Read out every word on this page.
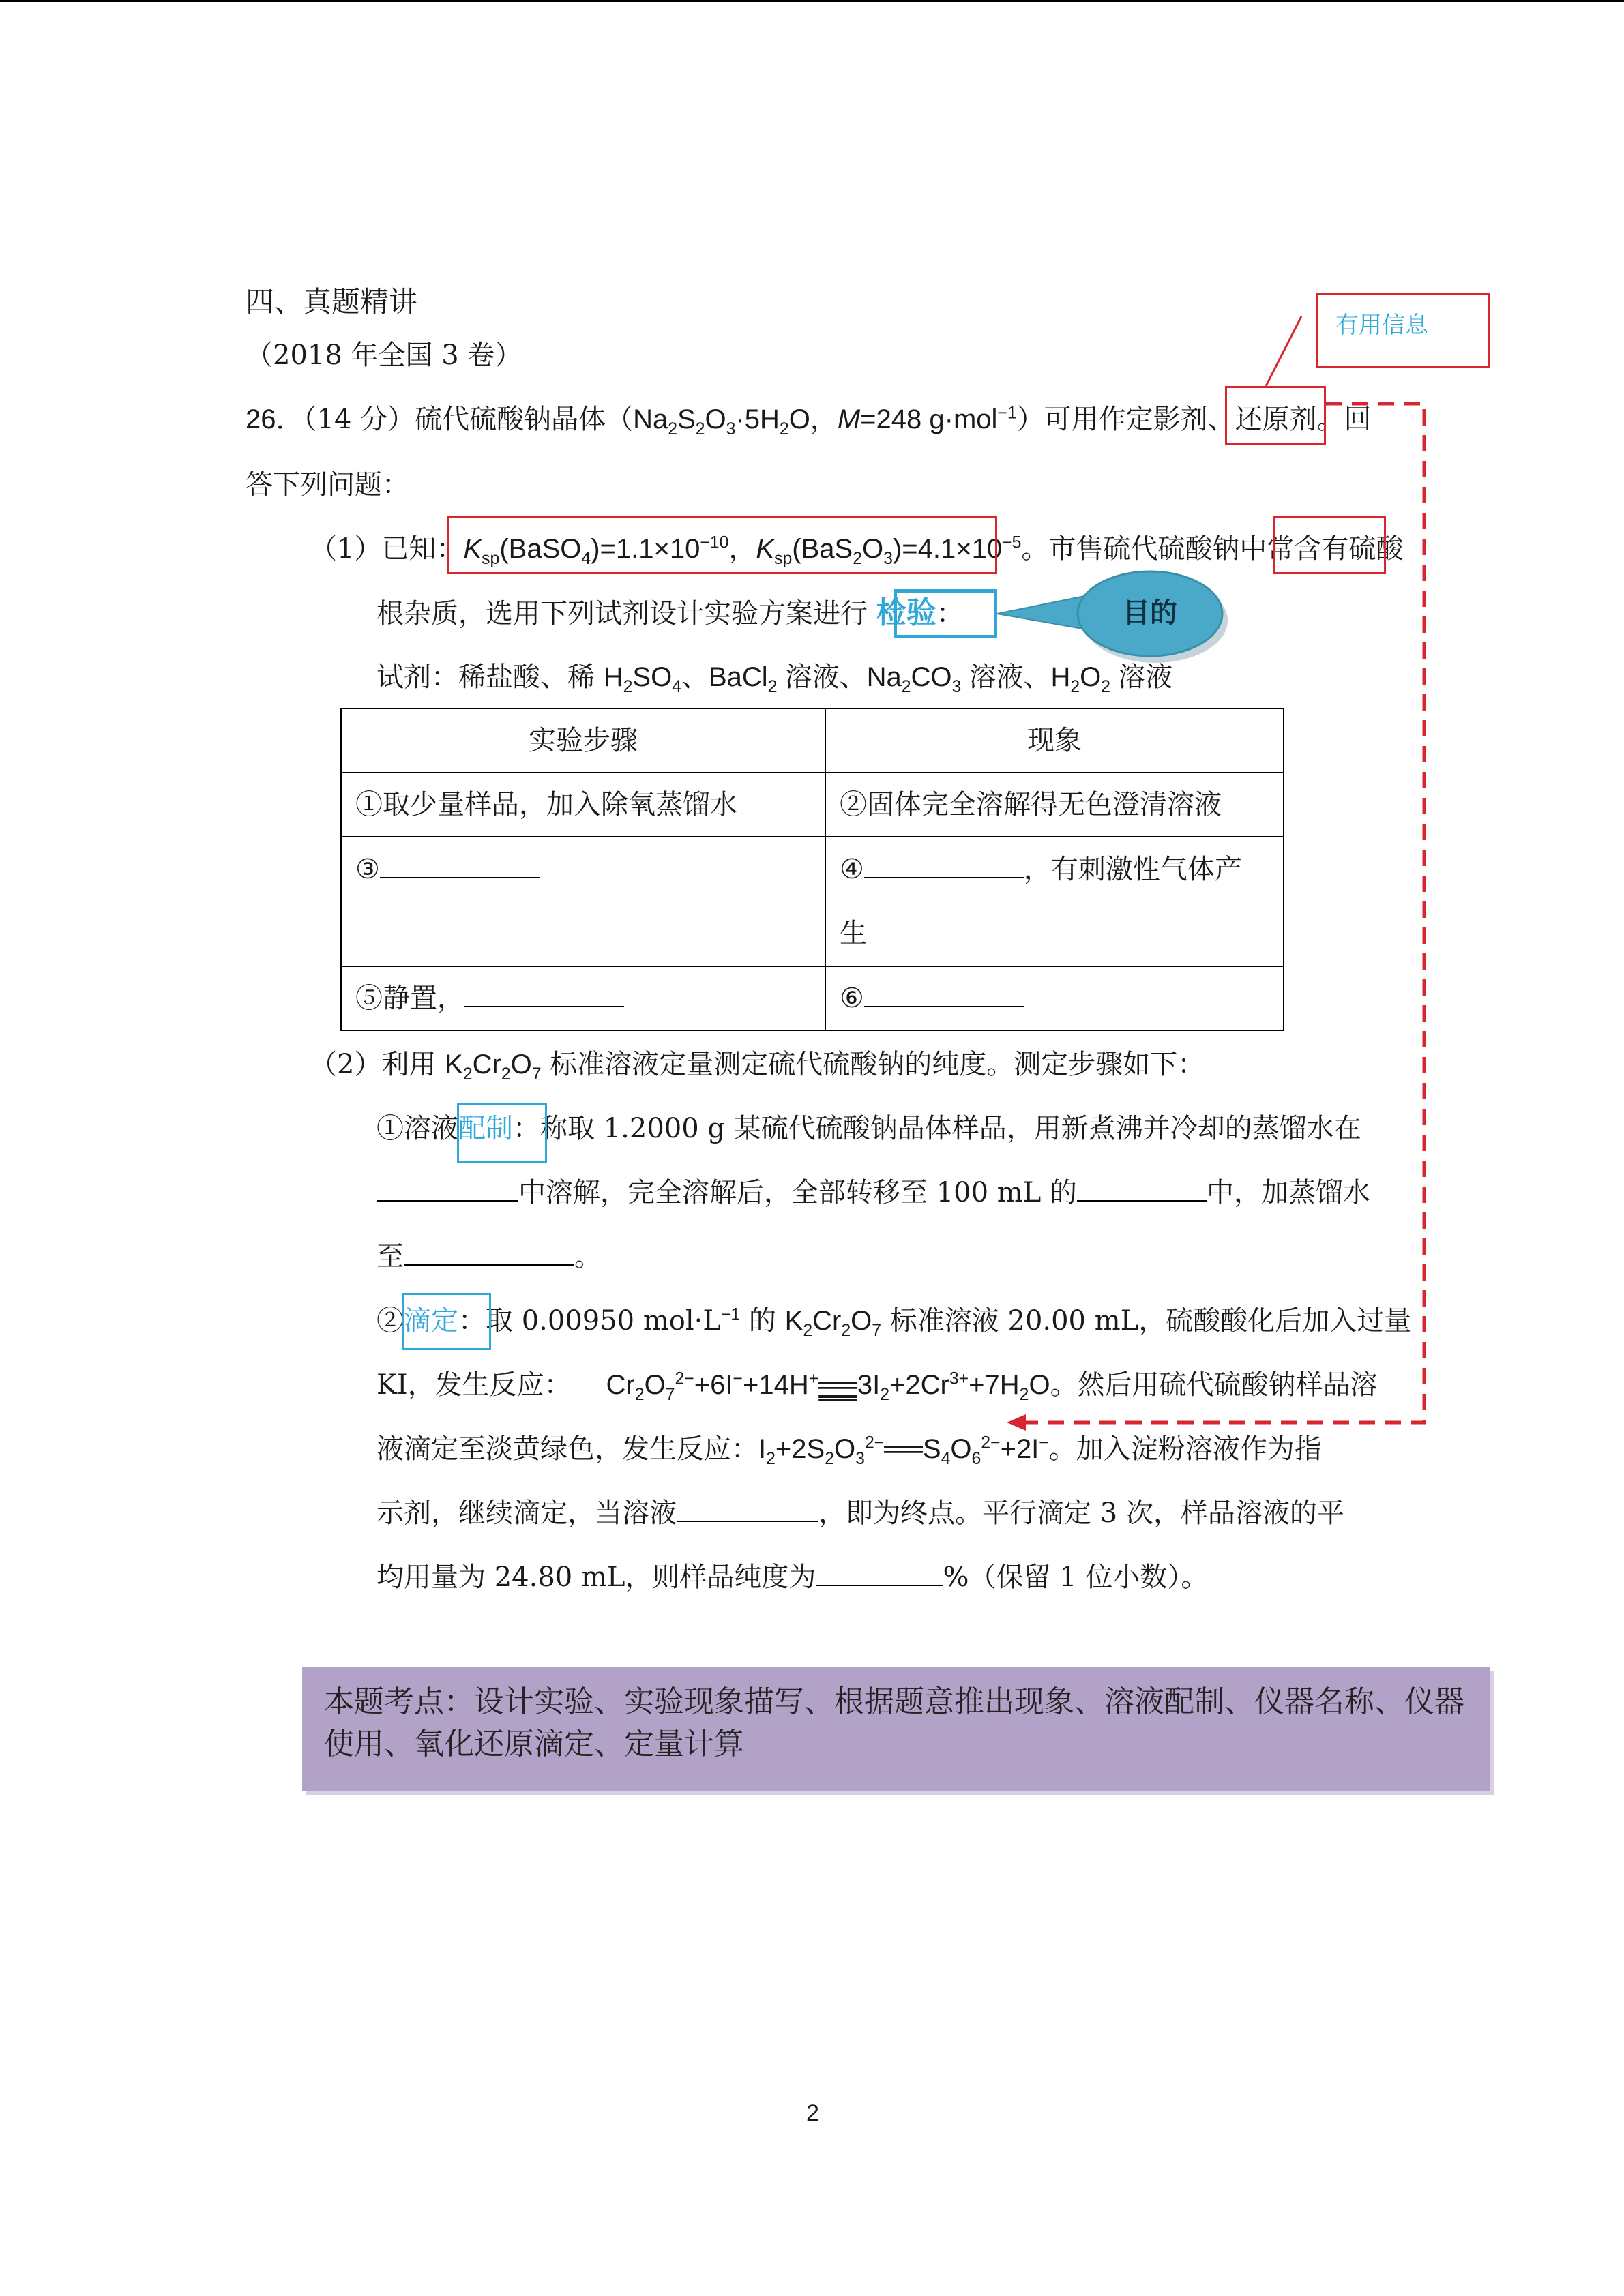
四、真题精讲
（2018 年全国 3 卷）
26．（14 分）硫代硫酸钠晶体（$Na_2S_2O_3\cdot 5H_2O$，M=248 g·mol$^{-1}$）可用作定影剂、还原剂。回
答下列问题：
（1）已知：$K_{sp}(BaSO_4)=1.1\times 10^{-10}$，$K_{sp}(BaS_2O_3)=4.1\times 10^{-5}$。市售硫代硫酸钠中常含有硫酸
根杂质，选用下列试剂设计实验方案进行 检验：
试剂：稀盐酸、稀 $H_2SO_4$、BaCl$_2$ 溶液、$Na_2CO_3$ 溶液、$H_2O_2$ 溶液
有用信息
目的
实验步骤	现象
①取少量样品，加入除氧蒸馏水	②固体完全溶解得无色澄清溶液
③	④ ，有刺激性气体产
生
⑤静置，	⑥
（2）利用 $K_2Cr_2O_7$ 标准溶液定量测定硫代硫酸钠的纯度。测定步骤如下：
①溶液配制：称取 1.2000 g 某硫代硫酸钠晶体样品，用新煮沸并冷却的蒸馏水在
中溶解，完全溶解后，全部转移至 100 mL 的	中，加蒸馏水
至	。
②滴定：取 0.00950 $mol\cdot L^{-1}$ 的 $K_2Cr_2O_7$ 标准溶液 20.00 mL，硫酸酸化后加入过量
KI，发生反应： $Cr_2O_7^{2-}+6I^-+14H^+══3I_2+2Cr^{3+}+7H_2O$。然后用硫代硫酸钠样品溶
液滴定至淡黄绿色，发生反应：$I_2+2S_2O_3^{2-}══S_4O_6^{2-}+2I^-$。加入淀粉溶液作为指
示剂，继续滴定，当溶液	，即为终点。平行滴定 3 次，样品溶液的平
均用量为 24.80 mL，则样品纯度为	%（保留 1 位小数）。
本题考点：设计实验、实验现象描写、根据题意推出现象、溶液配制、仪器名称、仪器使用、氧化还原滴定、定量计算
2
